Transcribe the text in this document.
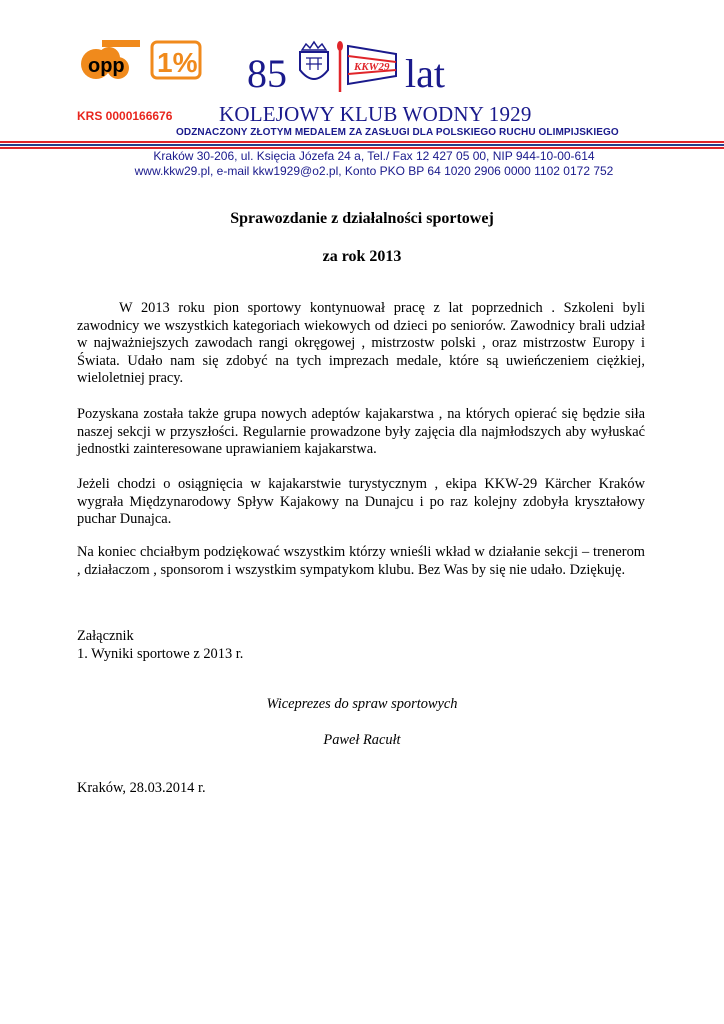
opp 1% 85	KKW29 lat
KRS 0000166676 KOLEJOWY KLUB WODNY 1929
ODZNACZONY ZŁOTYM MEDALEM ZA ZASŁUGI DLA POLSKIEGO RUCHU OLIMPIJSKIEGO
Kraków 30-206, ul. Księcia Józefa 24 a, Tel./ Fax 12 427 05 00, NIP 944-10-00-614
www.kkw29.pl, e-mail kkw1929@o2.pl, Konto PKO BP 64 1020 2906 0000 1102 0172 752
Sprawozdanie z działalności sportowej
za rok 2013

W 2013 roku pion sportowy kontynuował pracę z lat poprzednich . Szkoleni byli zawodnicy we wszystkich kategoriach wiekowych od dzieci po seniorów. Zawodnicy brali udział w najważniejszych zawodach rangi okręgowej , mistrzostw polski , oraz mistrzostw Europy i Świata. Udało nam się zdobyć na tych imprezach medale, które są uwieńczeniem ciężkiej, wieloletniej pracy.

Pozyskana została także grupa nowych adeptów kajakarstwa , na których opierać się będzie siła naszej sekcji w przyszłości. Regularnie prowadzone były zajęcia dla najmłodszych aby wyłuskać jednostki zainteresowane uprawianiem kajakarstwa.

Jeżeli chodzi o osiągnięcia w kajakarstwie turystycznym , ekipa KKW-29 Kärcher Kraków wygrała Międzynarodowy Spływ Kajakowy na Dunajcu i po raz kolejny zdobyła kryształowy puchar Dunajca.

Na koniec chciałbym podziękować wszystkim którzy wnieśli wkład w działanie sekcji – trenerom , działaczom , sponsorom i wszystkim sympatykom klubu. Bez Was by się nie udało. Dziękuję.

Załącznik
1. Wyniki sportowe z 2013 r.
Wiceprezes do spraw sportowych
Paweł Racułt
Kraków, 28.03.2014 r.
